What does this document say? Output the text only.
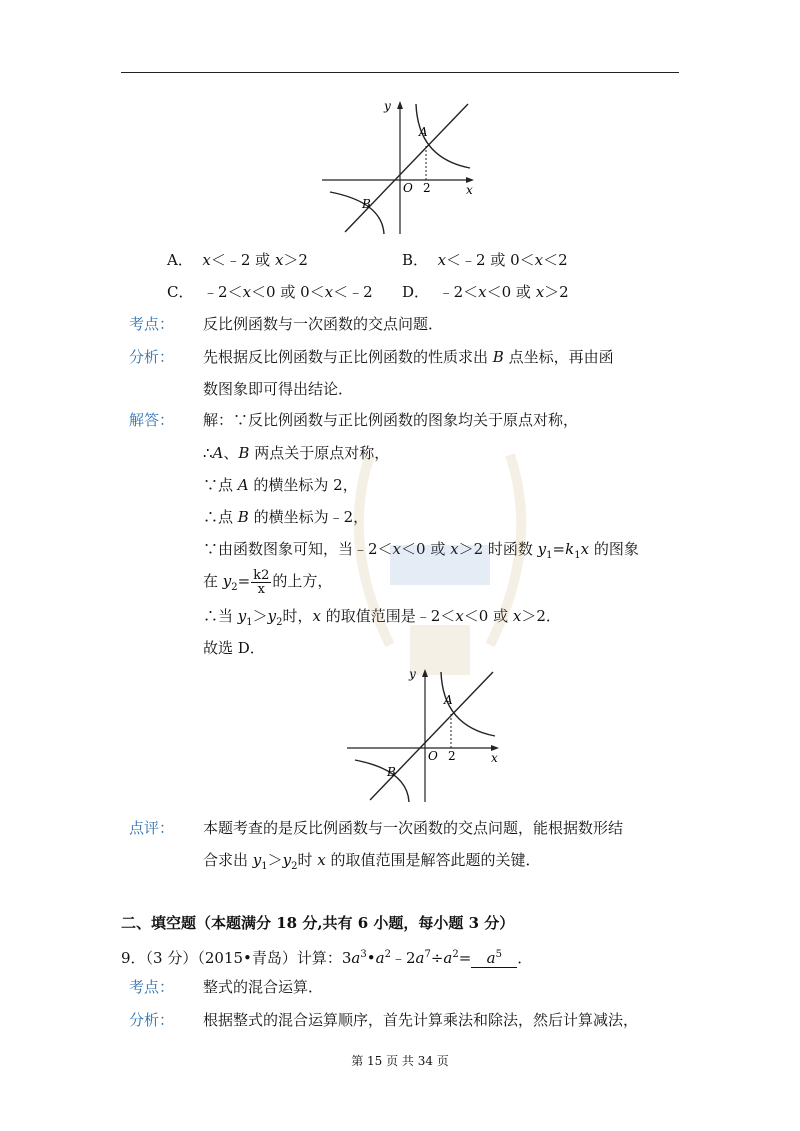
y
x
O 2
A
B
A． x＜﹣2 或 x＞2	B． x＜﹣2 或 0＜x＜2
C． ﹣2＜x＜0 或 0＜x＜﹣2 D． ﹣2＜x＜0 或 x＞2
考点： 反比例函数与一次函数的交点问题．
分析： 先根据反比例函数与正比例函数的性质求出 B 点坐标，再由函
数图象即可得出结论．
解答： 解：∵反比例函数与正比例函数的图象均关于原点对称，
∴A、B 两点关于原点对称，
∵点 A 的横坐标为 2，
∴点 B 的横坐标为﹣2，
∵由函数图象可知，当﹣2＜x＜0 或 x＞2 时函数 $y_1=k_1x$ 的图象
在 $y_2= \frac{k2}{x}$ 的上方，
∴当 $y_1>y_2$时，x 的取值范围是﹣2＜x＜0 或 x＞2．
故选 D．
y
x
O 2
A
B
点评： 本题考查的是反比例函数与一次函数的交点问题，能根据数形结
合求出 $y_1>y_2$时 x 的取值范围是解答此题的关键．
二、填空题（本题满分 18 分,共有 6 小题，每小题 3 分）
9．（3 分）（2015•青岛）计算：$3a^3•a^2﹣2a^7\div a^2= a^5$ ．
考点： 整式的混合运算．
分析： 根据整式的混合运算顺序，首先计算乘法和除法，然后计算减法，
第 15 页 共 34 页
